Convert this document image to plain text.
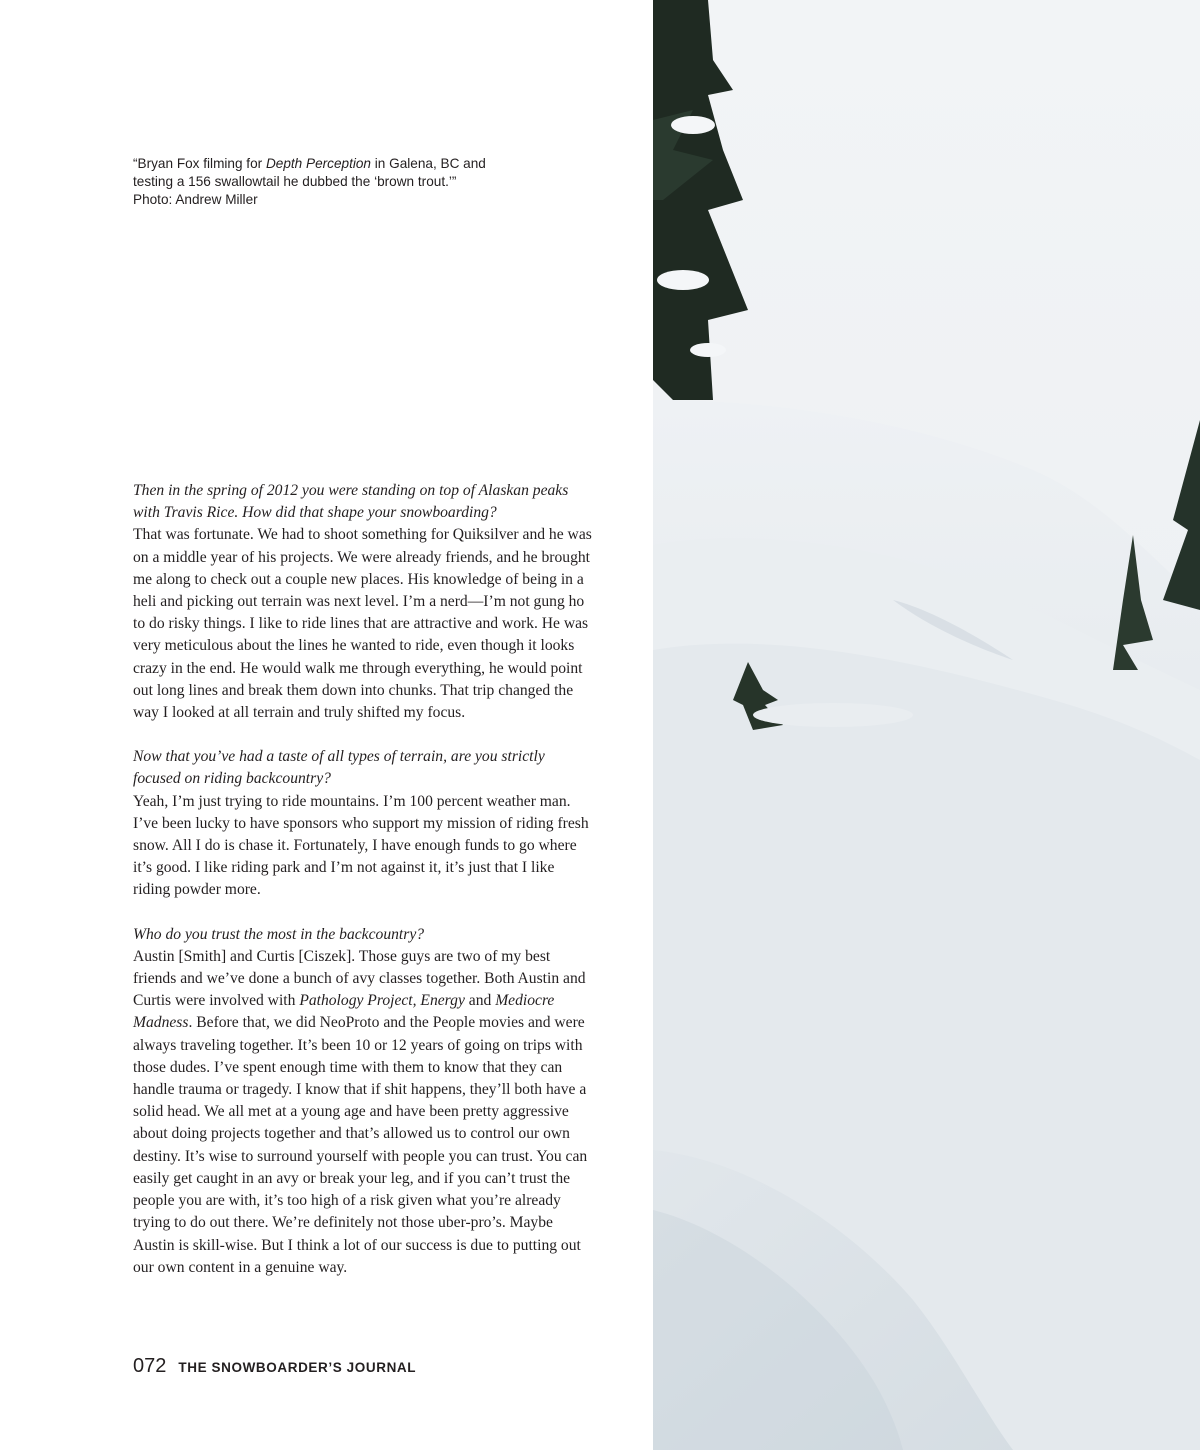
“Bryan Fox filming for Depth Perception in Galena, BC and testing a 156 swallowtail he dubbed the ‘brown trout.’”

Photo: Andrew Miller

Then in the spring of 2012 you were standing on top of Alaskan peaks with Travis Rice. How did that shape your snowboarding?

That was fortunate. We had to shoot something for Quiksilver and he was on a middle year of his projects. We were already friends, and he brought me along to check out a couple new places. His knowledge of being in a heli and picking out terrain was next level. I’m a nerd—I’m not gung ho to do risky things. I like to ride lines that are attractive and work. He was very meticulous about the lines he wanted to ride, even though it looks crazy in the end. He would walk me through everything, he would point out long lines and break them down into chunks. That trip changed the way I looked at all terrain and truly shifted my focus.

Now that you’ve had a taste of all types of terrain, are you strictly focused on riding backcountry?

Yeah, I’m just trying to ride mountains. I’m 100 percent weather man. I’ve been lucky to have sponsors who support my mission of riding fresh snow. All I do is chase it. Fortunately, I have enough funds to go where it’s good. I like riding park and I’m not against it, it’s just that I like riding powder more.

Who do you trust the most in the backcountry?

Austin [Smith] and Curtis [Ciszek]. Those guys are two of my best friends and we’ve done a bunch of avy classes together. Both Austin and Curtis were involved with Pathology Project, Energy and Mediocre Madness. Before that, we did NeoProto and the People movies and were always traveling together. It’s been 10 or 12 years of going on trips with those dudes. I’ve spent enough time with them to know that they can handle trauma or tragedy. I know that if shit happens, they’ll both have a solid head. We all met at a young age and have been pretty aggressive about doing projects together and that’s allowed us to control our own destiny. It’s wise to surround yourself with people you can trust. You can easily get caught in an avy or break your leg, and if you can’t trust the people you are with, it’s too high of a risk given what you’re already trying to do out there. We’re definitely not those uber-pro’s. Maybe Austin is skill-wise. But I think a lot of our success is due to putting out our own content in a genuine way.

072 THE SNOWBOARDER’S JOURNAL
